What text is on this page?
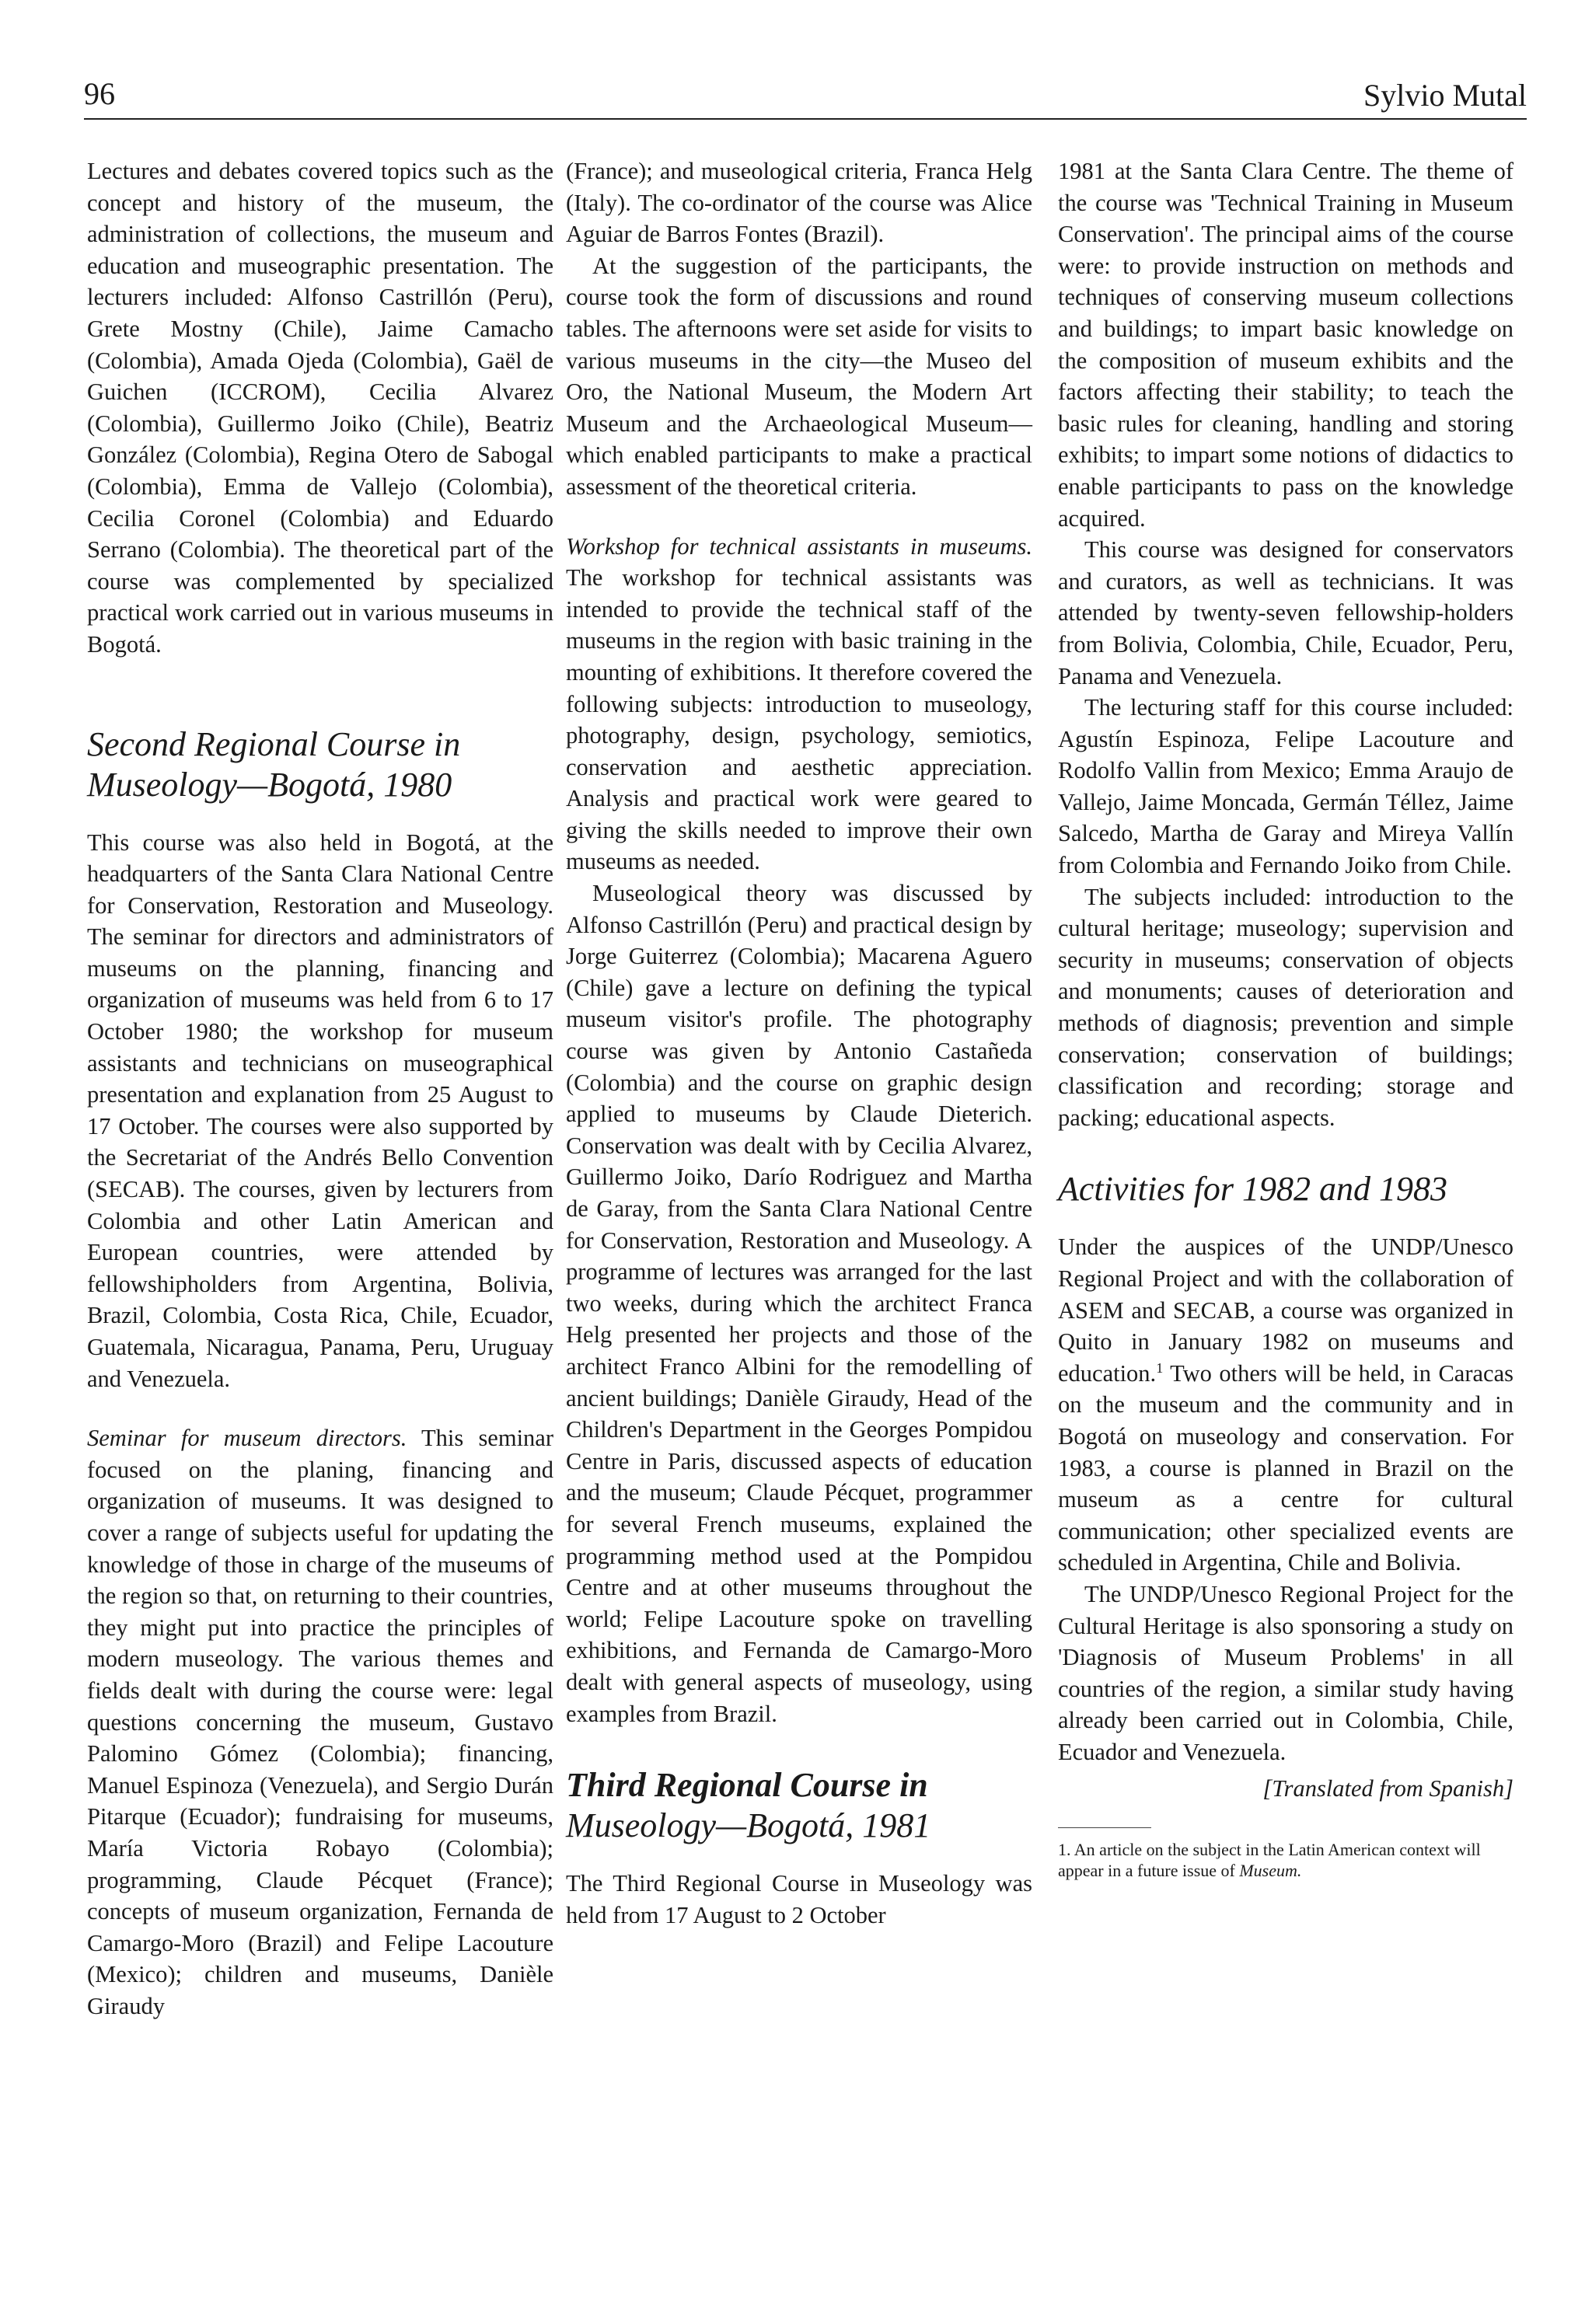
96	Sylvio Mutal

Lectures and debates covered topics such as the concept and history of the museum, the administration of collections, the museum and education and museographic presentation. The lecturers included: Alfonso Castrillón (Peru), Grete Mostny (Chile), Jaime Camacho (Colombia), Amada Ojeda (Colombia), Gaël de Guichen (ICCROM), Cecilia Alvarez (Colombia), Guillermo Joiko (Chile), Beatriz González (Colombia), Regina Otero de Sabogal (Colombia), Emma de Vallejo (Colombia), Cecilia Coronel (Colombia) and Eduardo Serrano (Colombia). The theoretical part of the course was complemented by specialized practical work carried out in various museums in Bogotá.

Second Regional Course in
Museology—Bogotá, 1980

This course was also held in Bogotá, at the headquarters of the Santa Clara National Centre for Conservation, Restoration and Museology. The seminar for directors and administrators of museums on the planning, financing and organization of museums was held from 6 to 17 October 1980; the workshop for museum assistants and technicians on museographical presentation and explanation from 25 August to 17 October. The courses were also supported by the Secretariat of the Andrés Bello Convention (SECAB). The courses, given by lecturers from Colombia and other Latin American and European countries, were attended by fellowshipholders from Argentina, Bolivia, Brazil, Colombia, Costa Rica, Chile, Ecuador, Guatemala, Nicaragua, Panama, Peru, Uruguay and Venezuela.

Seminar for museum directors. This seminar focused on the planing, financing and organization of museums. It was designed to cover a range of subjects useful for updating the knowledge of those in charge of the museums of the region so that, on returning to their countries, they might put into practice the principles of modern museology. The various themes and fields dealt with during the course were: legal questions concerning the museum, Gustavo Palomino Gómez (Colombia); financing, Manuel Espinoza (Venezuela), and Sergio Durán Pitarque (Ecuador); fundraising for museums, María Victoria Robayo (Colombia); programming, Claude Pécquet (France); concepts of museum organization, Fernanda de Camargo-Moro (Brazil) and Felipe Lacouture (Mexico); children and museums, Danièle Giraudy

(France); and museological criteria, Franca Helg (Italy). The co-ordinator of the course was Alice Aguiar de Barros Fontes (Brazil).

At the suggestion of the participants, the course took the form of discussions and round tables. The afternoons were set aside for visits to various museums in the city—the Museo del Oro, the National Museum, the Modern Art Museum and the Archaeological Museum—which enabled participants to make a practical assessment of the theoretical criteria.

Workshop for technical assistants in museums. The workshop for technical assistants was intended to provide the technical staff of the museums in the region with basic training in the mounting of exhibitions. It therefore covered the following subjects: introduction to museology, photography, design, psychology, semiotics, conservation and aesthetic appreciation. Analysis and practical work were geared to giving the skills needed to improve their own museums as needed.

Museological theory was discussed by Alfonso Castrillón (Peru) and practical design by Jorge Guiterrez (Colombia); Macarena Aguero (Chile) gave a lecture on defining the typical museum visitor's profile. The photography course was given by Antonio Castañeda (Colombia) and the course on graphic design applied to museums by Claude Dieterich. Conservation was dealt with by Cecilia Alvarez, Guillermo Joiko, Darío Rodriguez and Martha de Garay, from the Santa Clara National Centre for Conservation, Restoration and Museology. A programme of lectures was arranged for the last two weeks, during which the architect Franca Helg presented her projects and those of the architect Franco Albini for the remodelling of ancient buildings; Danièle Giraudy, Head of the Children's Department in the Georges Pompidou Centre in Paris, discussed aspects of education and the museum; Claude Pécquet, programmer for several French museums, explained the programming method used at the Pompidou Centre and at other museums throughout the world; Felipe Lacouture spoke on travelling exhibitions, and Fernanda de Camargo-Moro dealt with general aspects of museology, using examples from Brazil.

Third Regional Course in
Museology—Bogotá, 1981

The Third Regional Course in Museology was held from 17 August to 2 October

1981 at the Santa Clara Centre. The theme of the course was 'Technical Training in Museum Conservation'. The principal aims of the course were: to provide instruction on methods and techniques of conserving museum collections and buildings; to impart basic knowledge on the composition of museum exhibits and the factors affecting their stability; to teach the basic rules for cleaning, handling and storing exhibits; to impart some notions of didactics to enable participants to pass on the knowledge acquired.

This course was designed for conservators and curators, as well as technicians. It was attended by twenty-seven fellowship-holders from Bolivia, Colombia, Chile, Ecuador, Peru, Panama and Venezuela.

The lecturing staff for this course included: Agustín Espinoza, Felipe Lacouture and Rodolfo Vallin from Mexico; Emma Araujo de Vallejo, Jaime Moncada, Germán Téllez, Jaime Salcedo, Martha de Garay and Mireya Vallín from Colombia and Fernando Joiko from Chile.

The subjects included: introduction to the cultural heritage; museology; supervision and security in museums; conservation of objects and monuments; causes of deterioration and methods of diagnosis; prevention and simple conservation; conservation of buildings; classification and recording; storage and packing; educational aspects.

Activities for 1982 and 1983

Under the auspices of the UNDP/Unesco Regional Project and with the collaboration of ASEM and SECAB, a course was organized in Quito in January 1982 on museums and education.$^1$ Two others will be held, in Caracas on the museum and the community and in Bogotá on museology and conservation. For 1983, a course is planned in Brazil on the museum as a centre for cultural communication; other specialized events are scheduled in Argentina, Chile and Bolivia.

The UNDP/Unesco Regional Project for the Cultural Heritage is also sponsoring a study on 'Diagnosis of Museum Problems' in all countries of the region, a similar study having already been carried out in Colombia, Chile, Ecuador and Venezuela.

[Translated from Spanish]

1. An article on the subject in the Latin American context will appear in a future issue of Museum.
